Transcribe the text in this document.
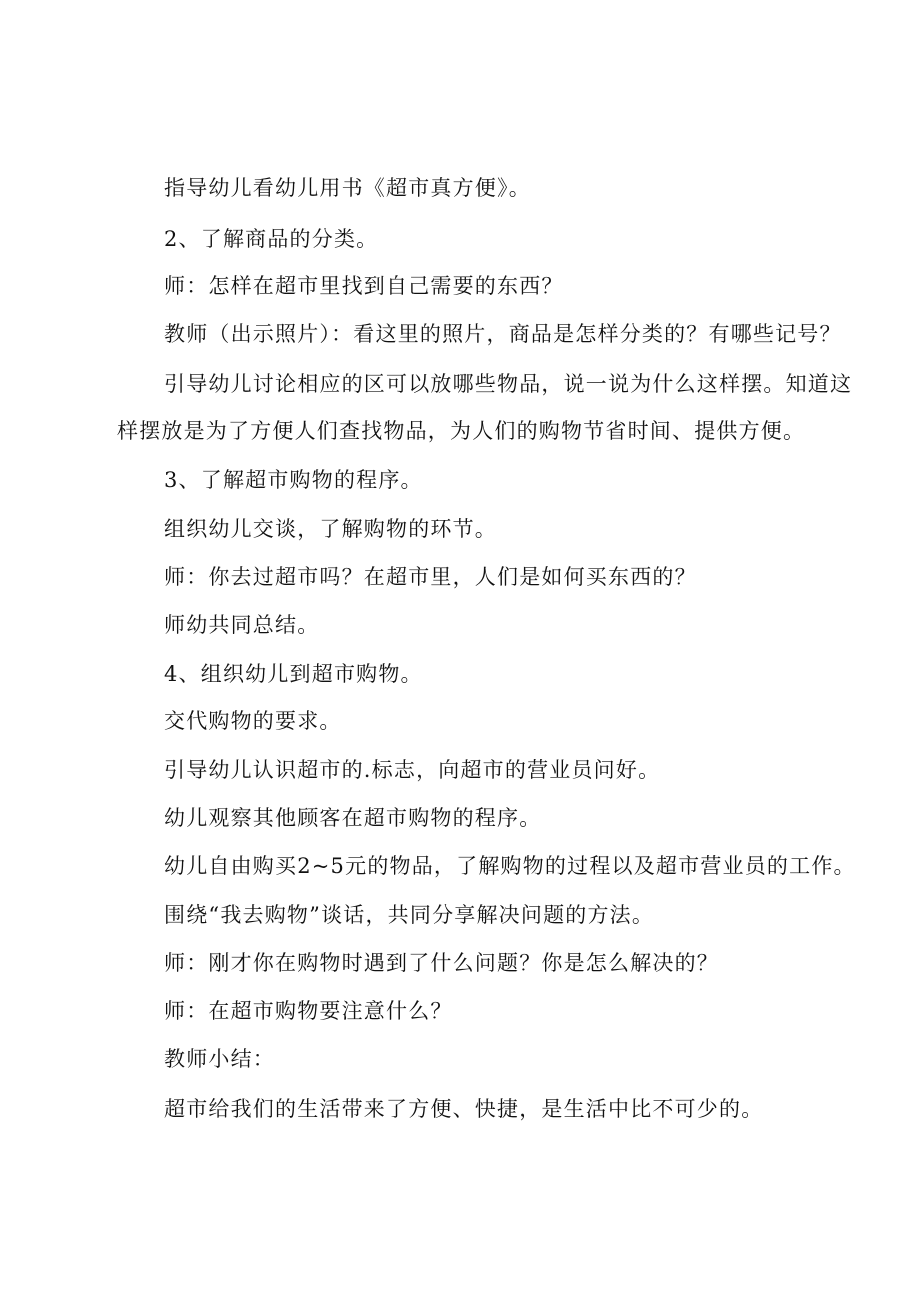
指导幼儿看幼儿用书《超市真方便》。
2、了解商品的分类。
师：怎样在超市里找到自己需要的东西？
教师（出示照片）：看这里的照片，商品是怎样分类的？有哪些记号？
引导幼儿讨论相应的区可以放哪些物品，说一说为什么这样摆。知道这
样摆放是为了方便人们查找物品，为人们的购物节省时间、提供方便。
3、了解超市购物的程序。
组织幼儿交谈，了解购物的环节。
师：你去过超市吗？在超市里，人们是如何买东西的？
师幼共同总结。
4、组织幼儿到超市购物。
交代购物的要求。
引导幼儿认识超市的.标志，向超市的营业员问好。
幼儿观察其他顾客在超市购物的程序。
幼儿自由购买2~5元的物品，了解购物的过程以及超市营业员的工作。
围绕“我去购物”谈话，共同分享解决问题的方法。
师：刚才你在购物时遇到了什么问题？你是怎么解决的？
师：在超市购物要注意什么？
教师小结：
超市给我们的生活带来了方便、快捷，是生活中比不可少的。
